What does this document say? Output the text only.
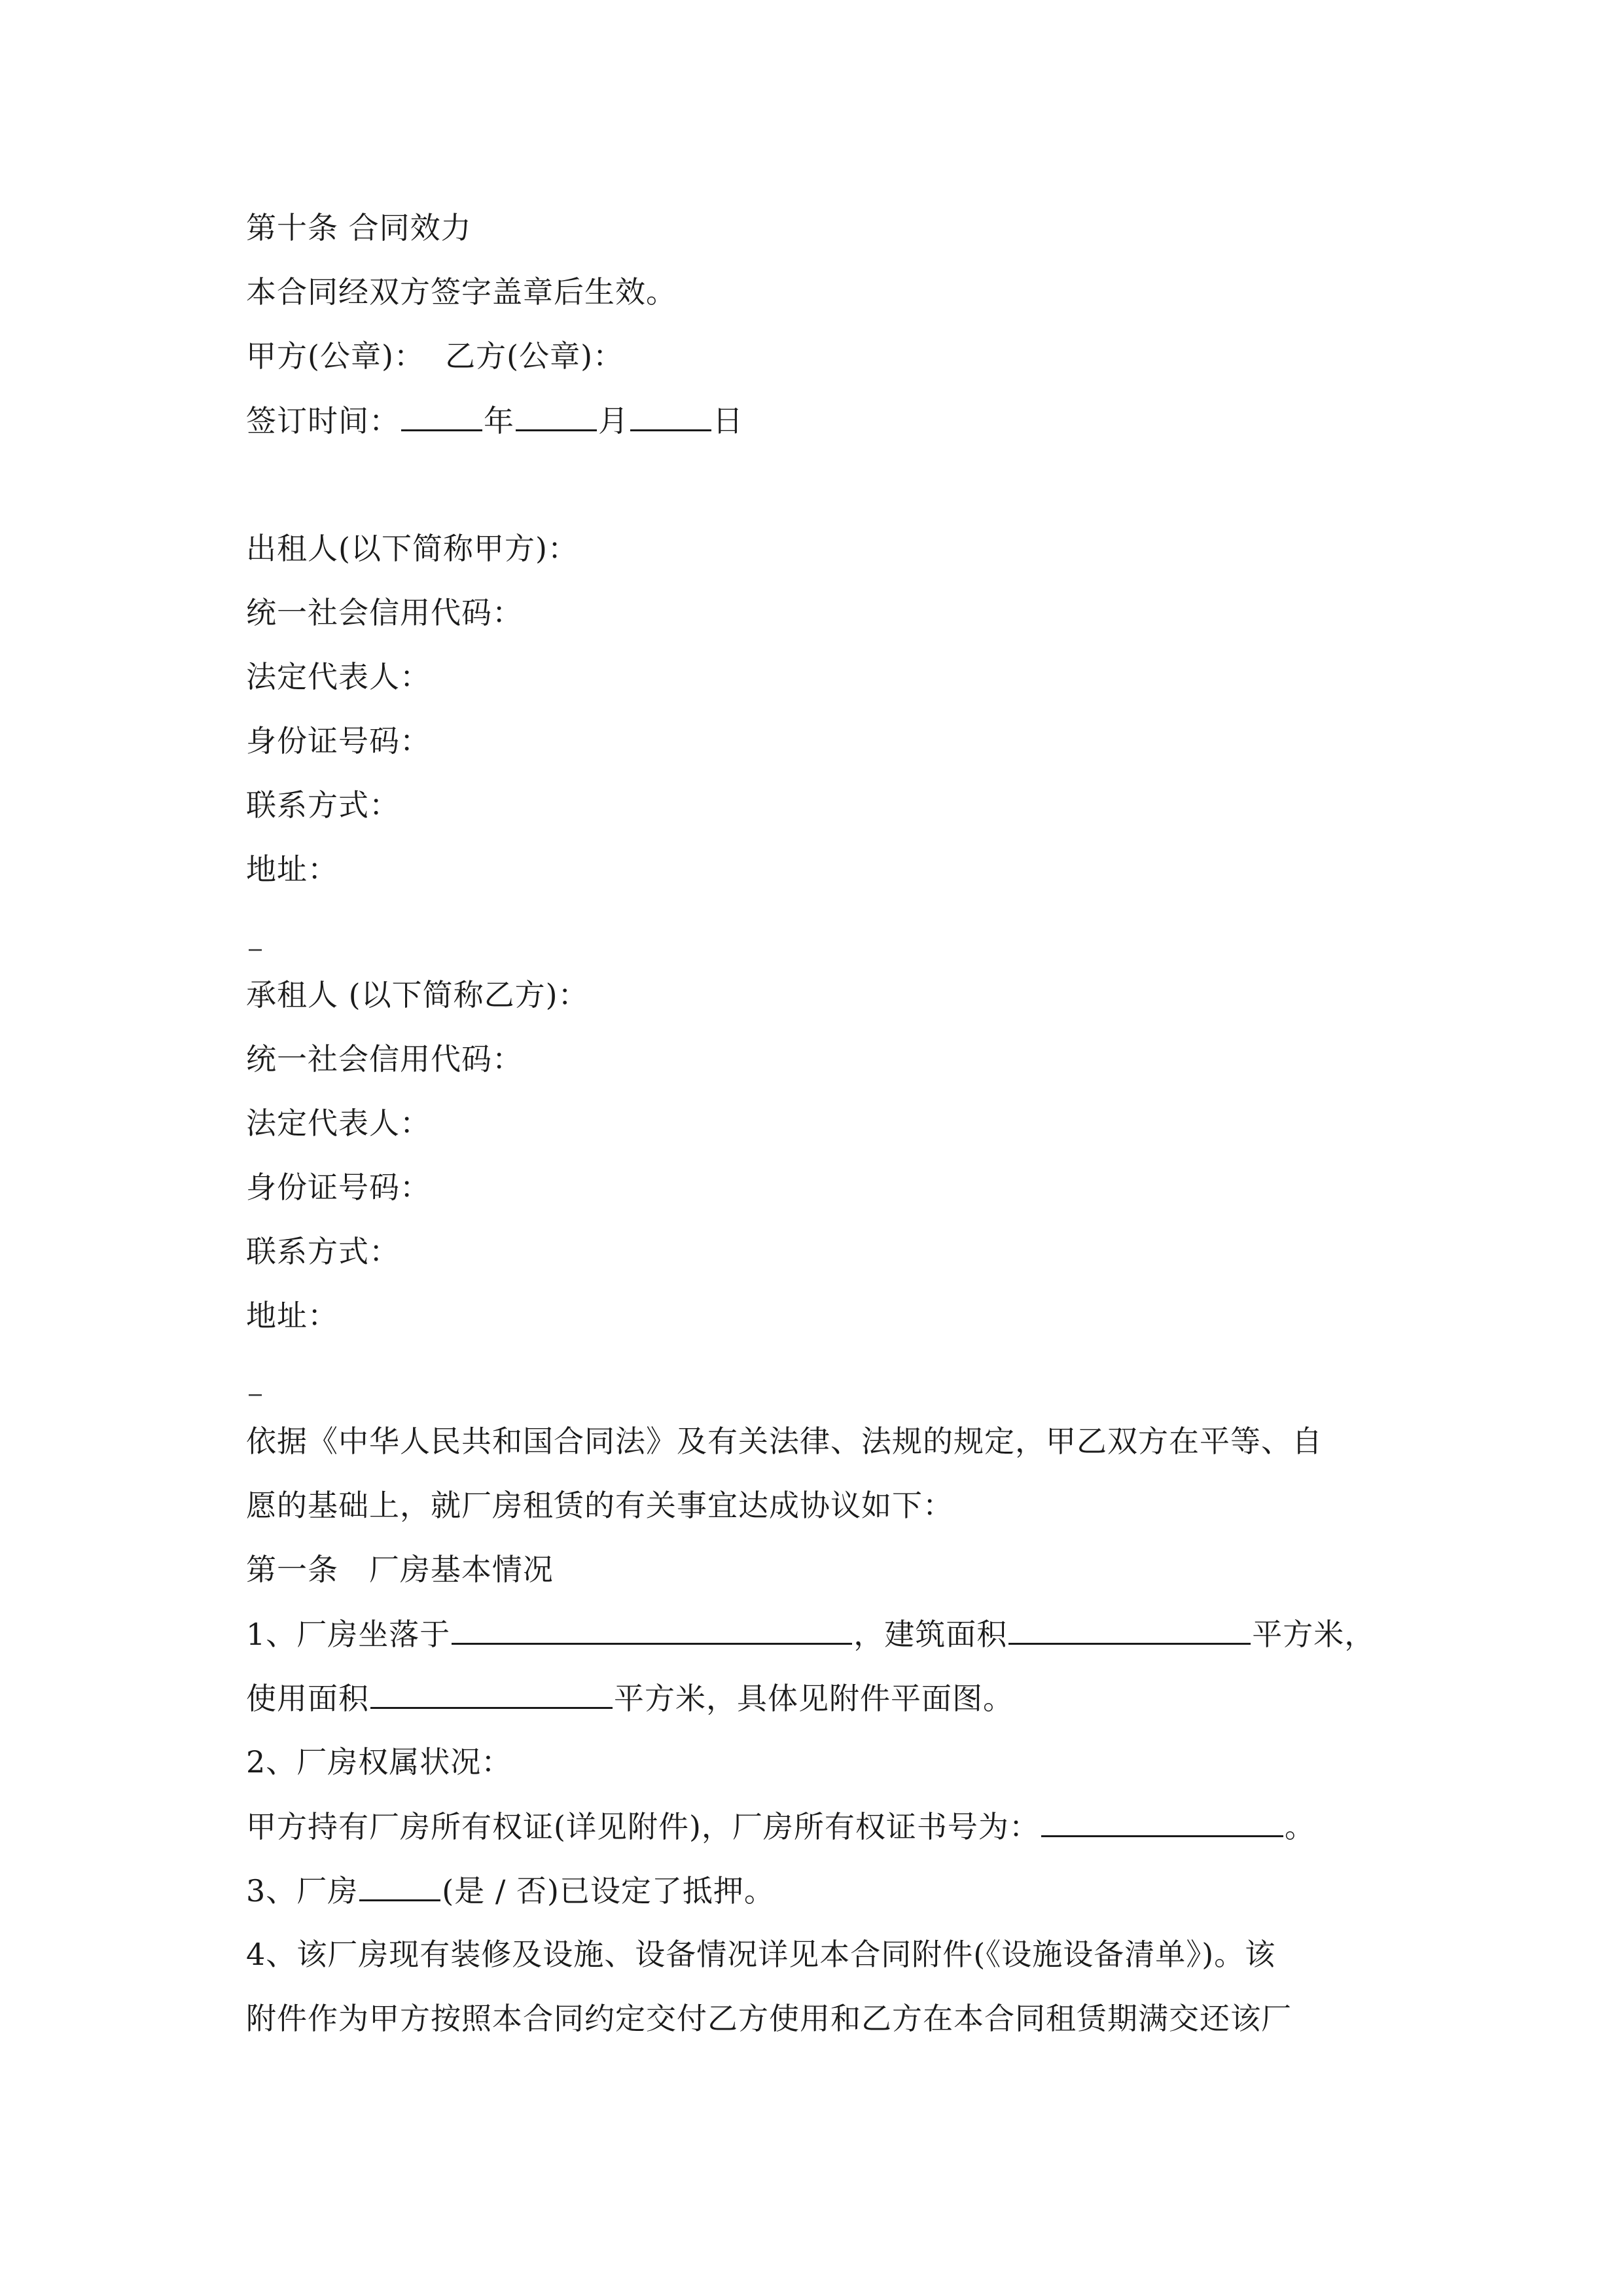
第十条 合同效力
本合同经双方签字盖章后生效。
甲方(公章)：  乙方(公章)：
签订时间：	年	月	日
出租人(以下简称甲方)：
统一社会信用代码：
法定代表人：
身份证号码：
联系方式：
地址：
承租人 (以下简称乙方)：
统一社会信用代码：
法定代表人：
身份证号码：
联系方式：
地址：
依据《中华人民共和国合同法》及有关法律、法规的规定，甲乙双方在平等、自
愿的基础上，就厂房租赁的有关事宜达成协议如下：
第一条   厂房基本情况
1、厂房坐落于	，建筑面积	平方米，
使用面积	平方米，具体见附件平面图。
2、厂房权属状况：
甲方持有厂房所有权证(详见附件)，厂房所有权证书号为：	。
3、厂房	(是 / 否)已设定了抵押。
4、该厂房现有装修及设施、设备情况详见本合同附件(《设施设备清单》)。该
附件作为甲方按照本合同约定交付乙方使用和乙方在本合同租赁期满交还该厂
